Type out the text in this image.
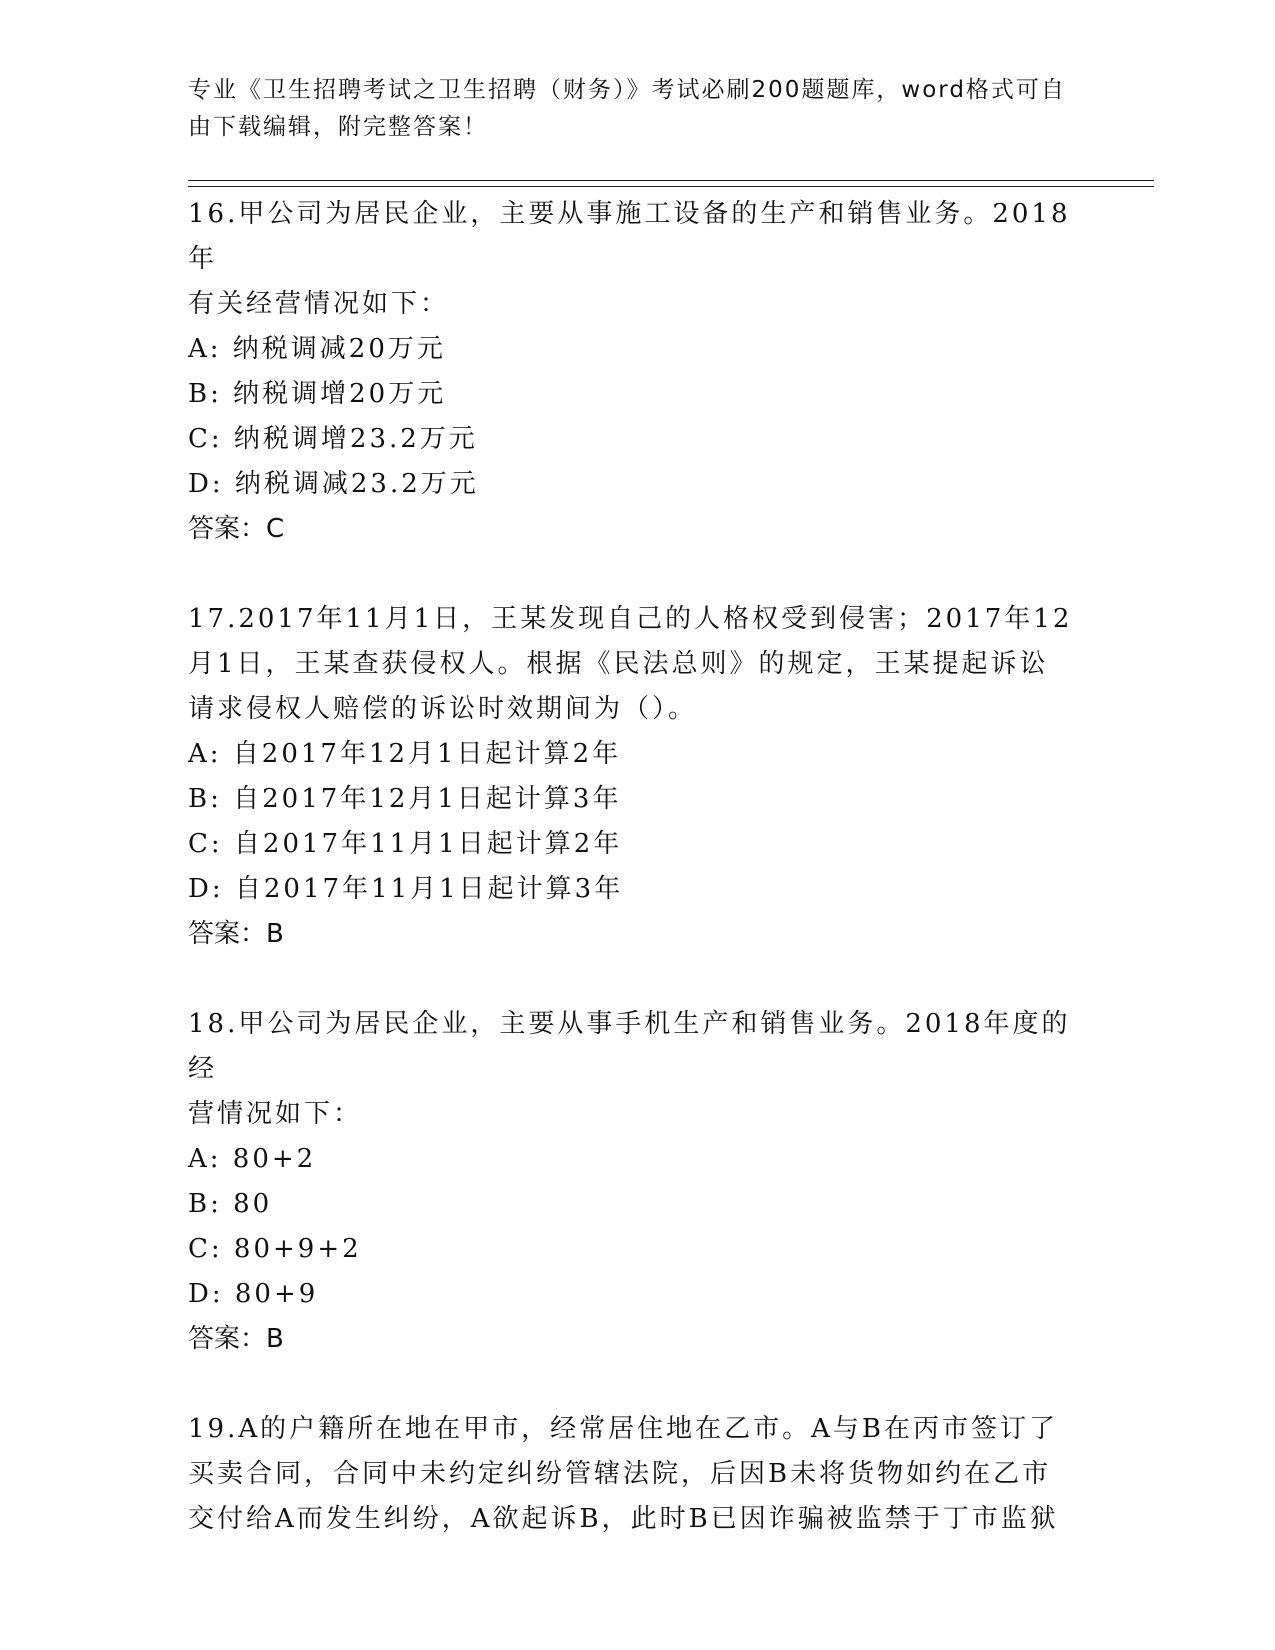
专业《卫生招聘考试之卫生招聘（财务）》考试必刷200题题库，word格式可自
由下载编辑，附完整答案！

16.甲公司为居民企业，主要从事施工设备的生产和销售业务。2018年

有关经营情况如下：

A: 纳税调减20万元

B: 纳税调增20万元

C: 纳税调增23.2万元

D: 纳税调减23.2万元

答案：C

17.2017年11月1日，王某发现自己的人格权受到侵害；2017年12

月1日，王某查获侵权人。根据《民法总则》的规定，王某提起诉讼

请求侵权人赔偿的诉讼时效期间为（）。

A: 自2017年12月1日起计算2年

B: 自2017年12月1日起计算3年

C: 自2017年11月1日起计算2年

D: 自2017年11月1日起计算3年

答案：B

18.甲公司为居民企业，主要从事手机生产和销售业务。2018年度的经

营情况如下：

A: 80+2

B: 80

C: 80+9+2

D: 80+9

答案：B

19.A的户籍所在地在甲市，经常居住地在乙市。A与B在丙市签订了

买卖合同，合同中未约定纠纷管辖法院，后因B未将货物如约在乙市

交付给A而发生纠纷，A欲起诉B，此时B已因诈骗被监禁于丁市监狱
